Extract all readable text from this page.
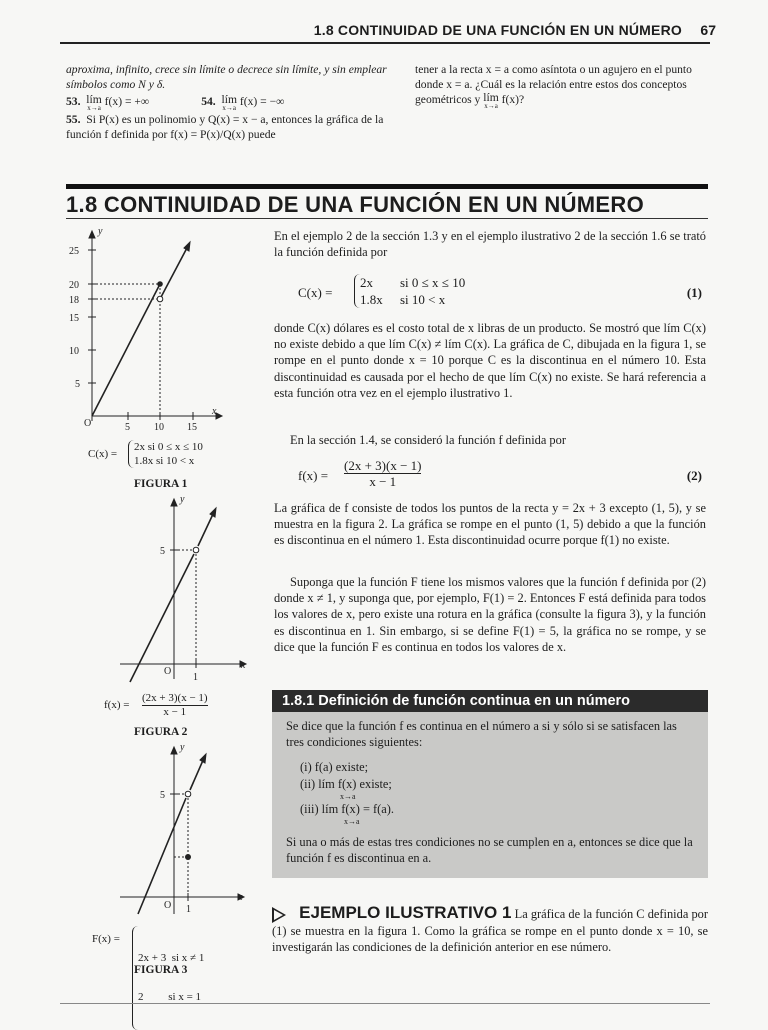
1.8 CONTINUIDAD DE UNA FUNCIÓN EN UN NÚMERO 67

aproxima, infinito, crece sin límite o decrece sin límite, y sin emplear símbolos como N y δ.

53. lím
x→a f(x) = +∞	54. lím
x→a f(x) = −∞

55. Si P(x) es un polinomio y Q(x) = x − a, entonces la gráfica de la función f definida por f(x) = P(x)/Q(x) puede

tener a la recta x = a como asíntota o un agujero en el punto donde x = a. ¿Cuál es la relación entre estos dos conceptos geométricos y lím
x→a f(x)?

1.8 CONTINUIDAD DE UNA FUNCIÓN EN UN NÚMERO

En el ejemplo 2 de la sección 1.3 y en el ejemplo ilustrativo 2 de la sección 1.6 se trató la función definida por

C(x) =
2x si 0 ≤ x ≤ 10
1.8x si 10 < x	(1)

donde C(x) dólares es el costo total de x libras de un producto. Se mostró que lím C(x) no existe debido a que lím C(x) ≠ lím C(x). La gráfica de C, dibujada en la figura 1, se rompe en el punto donde x = 10 porque C es la discontinua en el número 10. Esta discontinuidad es causada por el hecho de que lím C(x) no existe. Se hará referencia a esta función otra vez en el ejemplo ilustrativo 1.

En la sección 1.4, se consideró la función f definida por

$f(x) = \frac{(2x + 3)(x - 1)}{x - 1}$	(2)

La gráfica de f consiste de todos los puntos de la recta y = 2x + 3 excepto (1, 5), y se muestra en la figura 2. La gráfica se rompe en el punto (1, 5) debido a que la función es discontinua en el número 1. Esta discontinuidad ocurre porque f(1) no existe.

Suponga que la función F tiene los mismos valores que la función f definida por (2) donde x ≠ 1, y suponga que, por ejemplo, F(1) = 2. Entonces F está definida para todos los valores de x, pero existe una rotura en la gráfica (consulte la figura 3), y la función es discontinua en 1. Sin embargo, si se define F(1) = 5, la gráfica no se rompe, y se dice que la función F es continua en todos los valores de x.

1.8.1 Definición de función continua en un número

Se dice que la función f es continua en el número a si y sólo si se satisfacen las tres condiciones siguientes:

(i) f(a) existe;
(ii) lím f(x) existe;
x→a
(iii) lím f(x) = f(a).
x→a

Si una o más de estas tres condiciones no se cumplen en a, entonces se dice que la función f es discontinua en a.

EJEMPLO ILUSTRATIVO 1 La gráfica de la función C definida por (1) se muestra en la figura 1. Como la gráfica se rompe en el punto donde x = 10, se investigarán las condiciones de la definición anterior en ese número.
25
20
18
15
10
5
5 10 15
O
x
y
C(x) =
2x si 0 ≤ x ≤ 10
1.8x si 10 < x
FIGURA 1
5
1
O
x
y
$f(x) = \frac{(2x + 3)(x - 1)}{x - 1}$
FIGURA 2
5
1
O
x
y
F(x) =

2x + 3  si x ≠ 1

2         si x = 1

FIGURA 3
